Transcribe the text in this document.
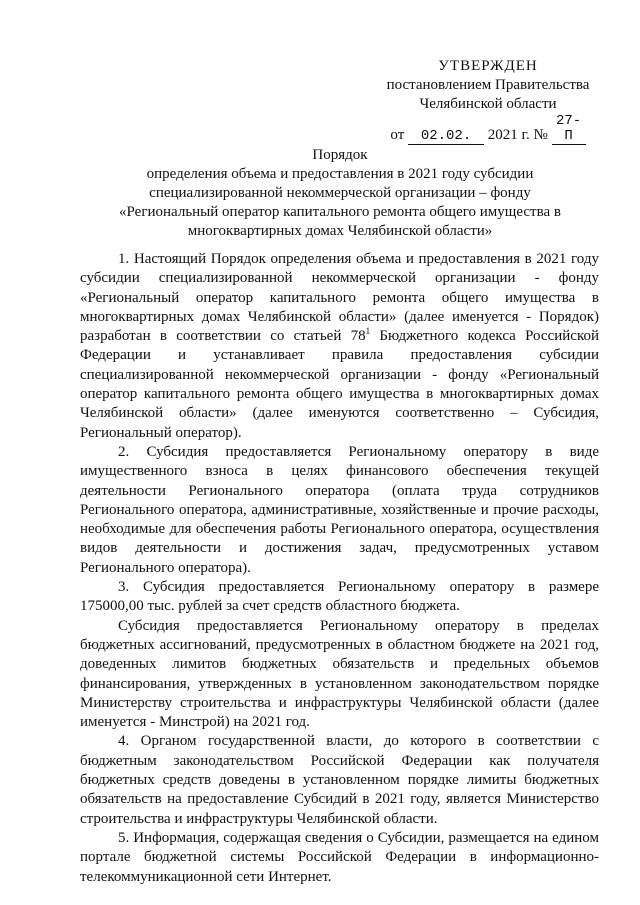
УТВЕРЖДЕН
постановлением Правительства
Челябинской области
от 02.02. 2021 г. № 27-П
Порядок
определения объема и предоставления в 2021 году субсидии
специализированной некоммерческой организации – фонду
«Региональный оператор капитального ремонта общего имущества в
многоквартирных домах Челябинской области»

1. Настоящий Порядок определения объема и предоставления в 2021 году субсидии специализированной некоммерческой организации - фонду «Региональный оператор капитального ремонта общего имущества в многоквартирных домах Челябинской области» (далее именуется - Порядок) разработан в соответствии со статьей $78^1$ Бюджетного кодекса Российской Федерации и устанавливает правила предоставления субсидии специализированной некоммерческой организации - фонду «Региональный оператор капитального ремонта общего имущества в многоквартирных домах Челябинской области» (далее именуются соответственно – Субсидия, Региональный оператор).

2. Субсидия предоставляется Региональному оператору в виде имущественного взноса в целях финансового обеспечения текущей деятельности Регионального оператора (оплата труда сотрудников Регионального оператора, административные, хозяйственные и прочие расходы, необходимые для обеспечения работы Регионального оператора, осуществления видов деятельности и достижения задач, предусмотренных уставом Регионального оператора).

3. Субсидия предоставляется Региональному оператору в размере 175000,00 тыс. рублей за счет средств областного бюджета.

Субсидия предоставляется Региональному оператору в пределах бюджетных ассигнований, предусмотренных в областном бюджете на 2021 год, доведенных лимитов бюджетных обязательств и предельных объемов финансирования, утвержденных в установленном законодательством порядке Министерству строительства и инфраструктуры Челябинской области (далее именуется - Минстрой) на 2021 год.

4. Органом государственной власти, до которого в соответствии с бюджетным законодательством Российской Федерации как получателя бюджетных средств доведены в установленном порядке лимиты бюджетных обязательств на предоставление Субсидий в 2021 году, является Министерство строительства и инфраструктуры Челябинской области.

5. Информация, содержащая сведения о Субсидии, размещается на едином портале бюджетной системы Российской Федерации в информационно-телекоммуникационной сети Интернет.
